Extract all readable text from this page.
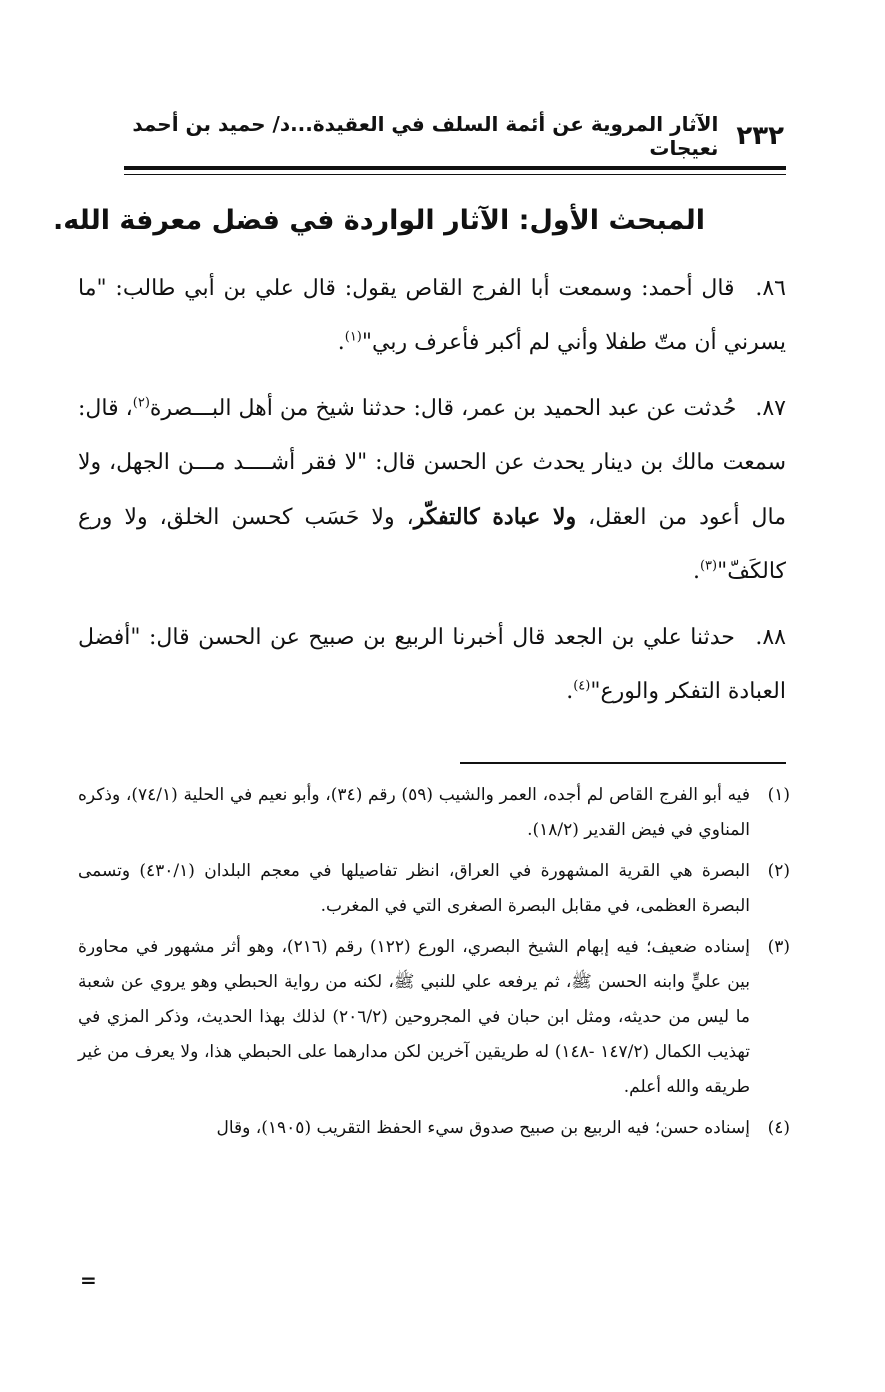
٢٣٢
الآثار المروية عن أئمة السلف في العقيدة...د/ حميد بن أحمد نعيجات
المبحث الأول: الآثار الواردة في فضل معرفة الله.

٨٦. قال أحمد: وسمعت أبا الفرج القاص يقول: قال علي بن أبي طالب: "ما يسرني أن متّ طفلا وأني لم أكبر فأعرف ربي"$^{(١)}$.

٨٧. حُدثت عن عبد الحميد بن عمر، قال: حدثنا شيخ من أهل البـــصرة$^{(٢)}$، قال: سمعت مالك بن دينار يحدث عن الحسن قال: "لا فقر أشــــد مـــن الجهل، ولا مال أعود من العقل، ولا عبادة كالتفكّر، ولا حَسَب كحسن الخلق، ولا ورع كالكَفّ"$^{(٣)}$.

٨٨. حدثنا علي بن الجعد قال أخبرنا الربيع بن صبيح عن الحسن قال: "أفضل العبادة التفكر والورع"$^{(٤)}$.

(١)
فيه أبو الفرج القاص لم أجده، العمر والشيب (٥٩) رقم (٣٤)، وأبو نعيم في الحلية (٧٤/١)، وذكره المناوي في فيض القدير (١٨/٢).
(٢)
البصرة هي القرية المشهورة في العراق، انظر تفاصيلها في معجم البلدان (٤٣٠/١) وتسمى البصرة العظمى، في مقابل البصرة الصغرى التي في المغرب.
(٣)
إسناده ضعيف؛ فيه إبهام الشيخ البصري، الورع (١٢٢) رقم (٢١٦)، وهو أثر مشهور في محاورة بين عليٍّ وابنه الحسن ﷺ، ثم يرفعه علي للنبي ﷺ، لكنه من رواية الحبطي وهو يروي عن شعبة ما ليس من حديثه، ومثل ابن حبان في المجروحين (٢٠٦/٢) لذلك بهذا الحديث، وذكر المزي في تهذيب الكمال (١٤٧/٢ -١٤٨) له طريقين آخرين لكن مدارهما على الحبطي هذا، ولا يعرف من غير طريقه والله أعلم.
(٤)
إسناده حسن؛ فيه الربيع بن صبيح صدوق سيء الحفظ التقريب (١٩٠٥)، وقال
=
